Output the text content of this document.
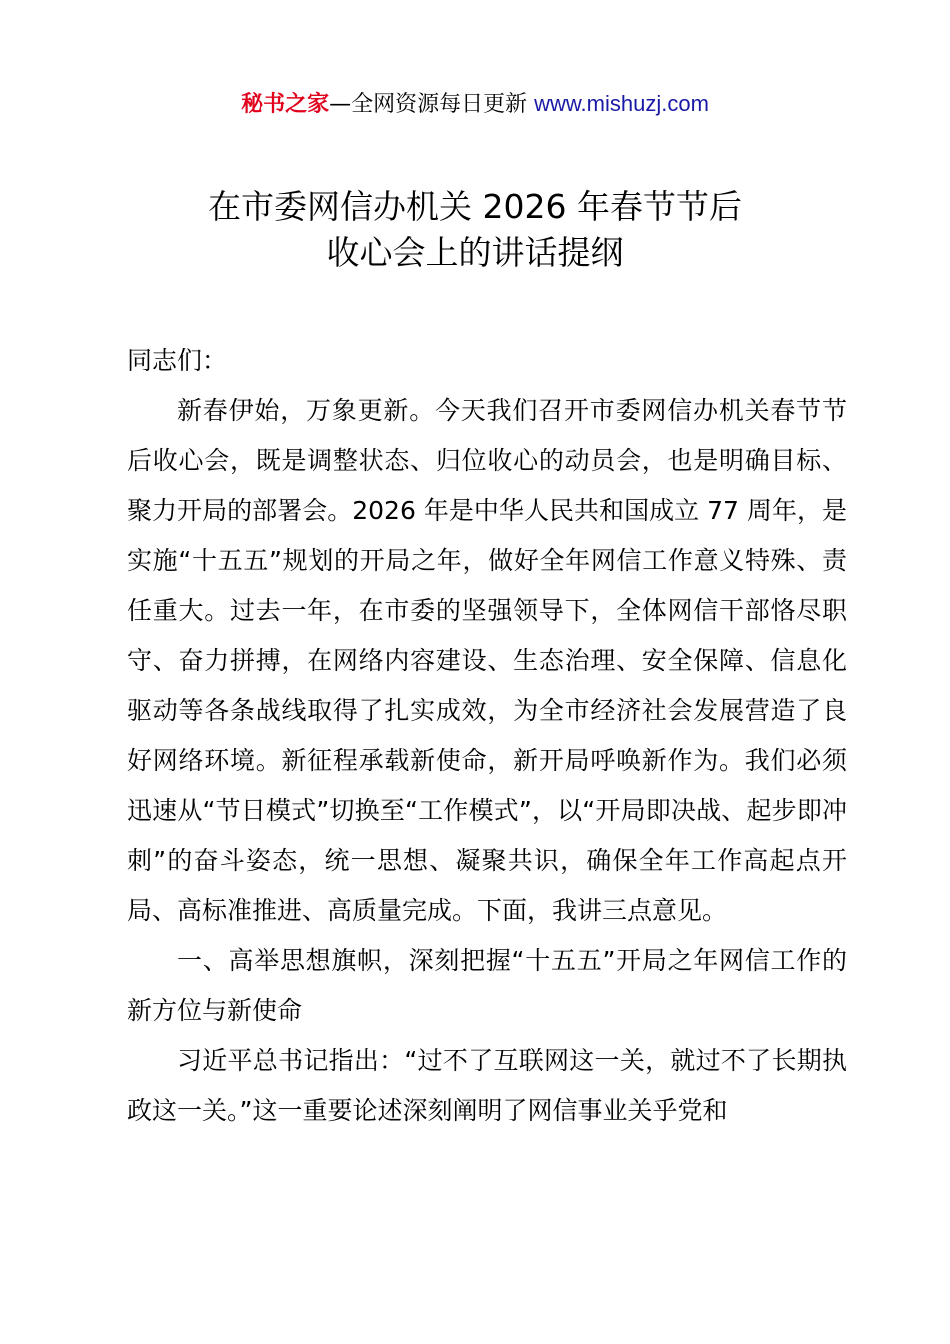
秘书之家—全网资源每日更新 www.mishuzj.com
在市委网信办机关 2026 年春节节后
收心会上的讲话提纲

同志们：

新春伊始，万象更新。今天我们召开市委网信办机关春节节后收心会，既是调整状态、归位收心的动员会，也是明确目标、聚力开局的部署会。2026 年是中华人民共和国成立 77 周年，是实施“十五五”规划的开局之年，做好全年网信工作意义特殊、责任重大。过去一年，在市委的坚强领导下，全体网信干部恪尽职守、奋力拼搏，在网络内容建设、生态治理、安全保障、信息化驱动等各条战线取得了扎实成效，为全市经济社会发展营造了良好网络环境。新征程承载新使命，新开局呼唤新作为。我们必须迅速从“节日模式”切换至“工作模式”，以“开局即决战、起步即冲刺”的奋斗姿态，统一思想、凝聚共识，确保全年工作高起点开局、高标准推进、高质量完成。下面，我讲三点意见。

一、高举思想旗帜，深刻把握“十五五”开局之年网信工作的新方位与新使命

习近平总书记指出：“过不了互联网这一关，就过不了长期执政这一关。”这一重要论述深刻阐明了网信事业关乎党和
